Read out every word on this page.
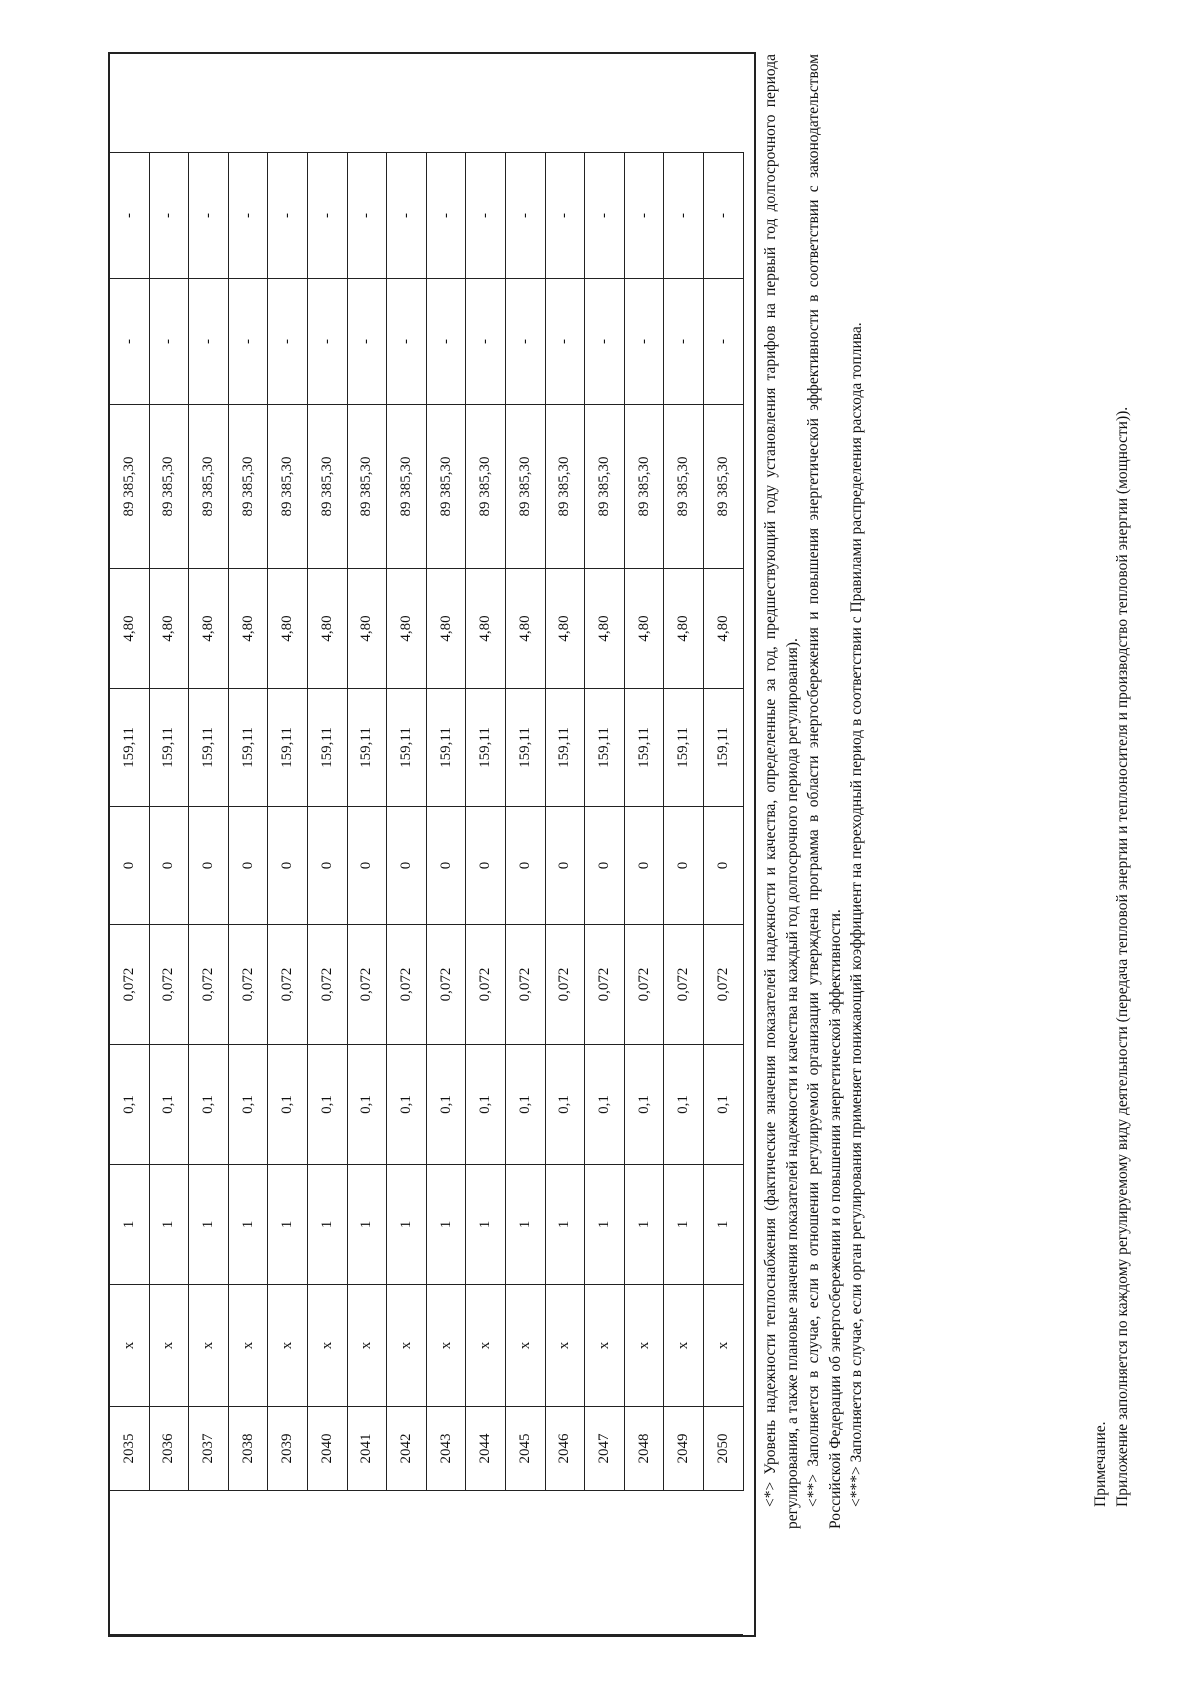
	2035	x	1	0,1	0,072	0	159,11	4,80	89 385,30	-	-
	2036	x	1	0,1	0,072	0	159,11	4,80	89 385,30	-	-
	2037	x	1	0,1	0,072	0	159,11	4,80	89 385,30	-	-
	2038	x	1	0,1	0,072	0	159,11	4,80	89 385,30	-	-
	2039	x	1	0,1	0,072	0	159,11	4,80	89 385,30	-	-
	2040	x	1	0,1	0,072	0	159,11	4,80	89 385,30	-	-
	2041	x	1	0,1	0,072	0	159,11	4,80	89 385,30	-	-
	2042	x	1	0,1	0,072	0	159,11	4,80	89 385,30	-	-
	2043	x	1	0,1	0,072	0	159,11	4,80	89 385,30	-	-
	2044	x	1	0,1	0,072	0	159,11	4,80	89 385,30	-	-
	2045	x	1	0,1	0,072	0	159,11	4,80	89 385,30	-	-
	2046	x	1	0,1	0,072	0	159,11	4,80	89 385,30	-	-
	2047	x	1	0,1	0,072	0	159,11	4,80	89 385,30	-	-
	2048	x	1	0,1	0,072	0	159,11	4,80	89 385,30	-	-
	2049	x	1	0,1	0,072	0	159,11	4,80	89 385,30	-	-
	2050	x	1	0,1	0,072	0	159,11	4,80	89 385,30	-	- <*> Уровень надежности теплоснабжения (фактические значения показателей надежности и качества, определенные за год, предшествующий году установления тарифов на первый год долгосрочного периода регулирования, а также плановые значения показателей надежности и качества на каждый год долгосрочного периода регулирования). <**> Заполняется в случае, если в отношении регулируемой организации утверждена программа в области энергосбережения и повышения энергетической эффективности в соответствии с законодательством Российской Федерации об энергосбережении и о повышении энергетической эффективности. <***> Заполняется в случае, если орган регулирования применяет понижающий коэффициент на переходный период в соответствии с Правилами распределения расхода топлива.	Примечание. Приложение заполняется по каждому регулируемому виду деятельности (передача тепловой энергии и теплоносителя и производство тепловой энергии (мощности)).
